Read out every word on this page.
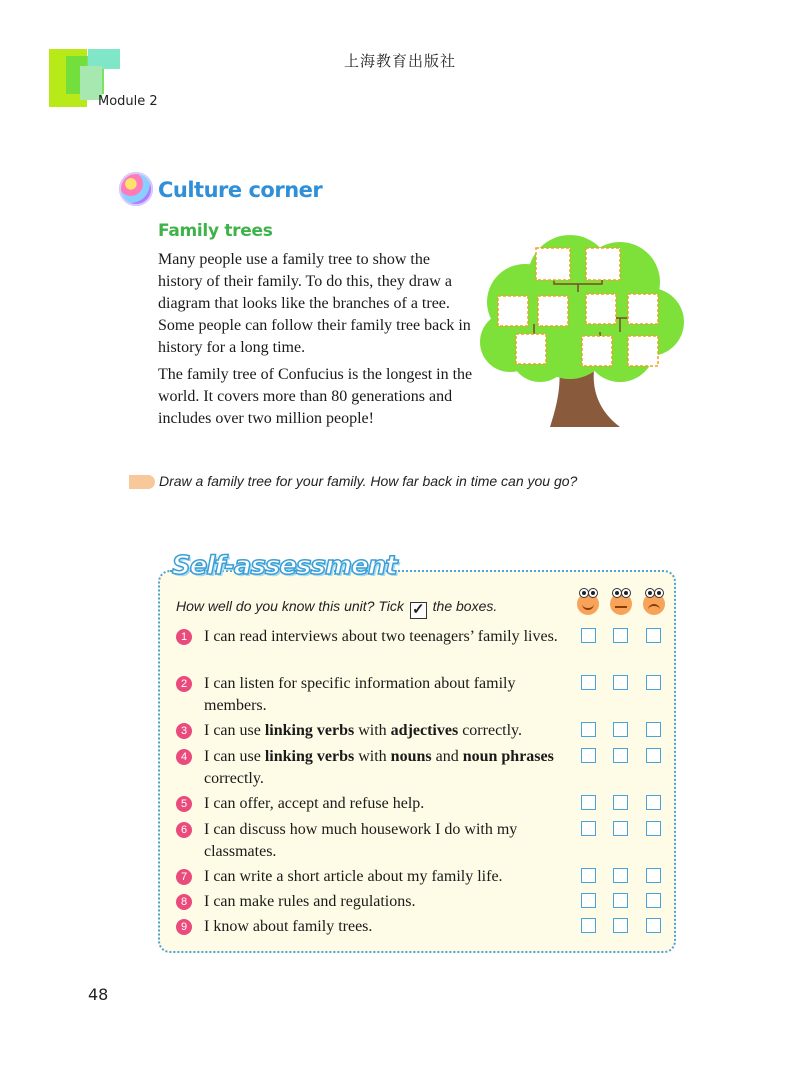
上海教育出版社
Module 2
Culture corner
Family trees
Many people use a family tree to show the history of their family. To do this, they draw a diagram that looks like the branches of a tree. Some people can follow their family tree back in history for a long time.
The family tree of Confucius is the longest in the world. It covers more than 80 generations and includes over two million people!
Draw a family tree for your family. How far back in time can you go?
Self-assessment
How well do you know this unit? Tick ✓ the boxes.
1	I can read interviews about two teenagers’ family lives.
2	I can listen for specific information about family members.
3	I can use linking verbs with adjectives correctly.
4	I can use linking verbs with nouns and noun phrases correctly.
5	I can offer, accept and refuse help.
6	I can discuss how much housework I do with my classmates.
7	I can write a short article about my family life.
8	I can make rules and regulations.
9	I know about family trees.
48
